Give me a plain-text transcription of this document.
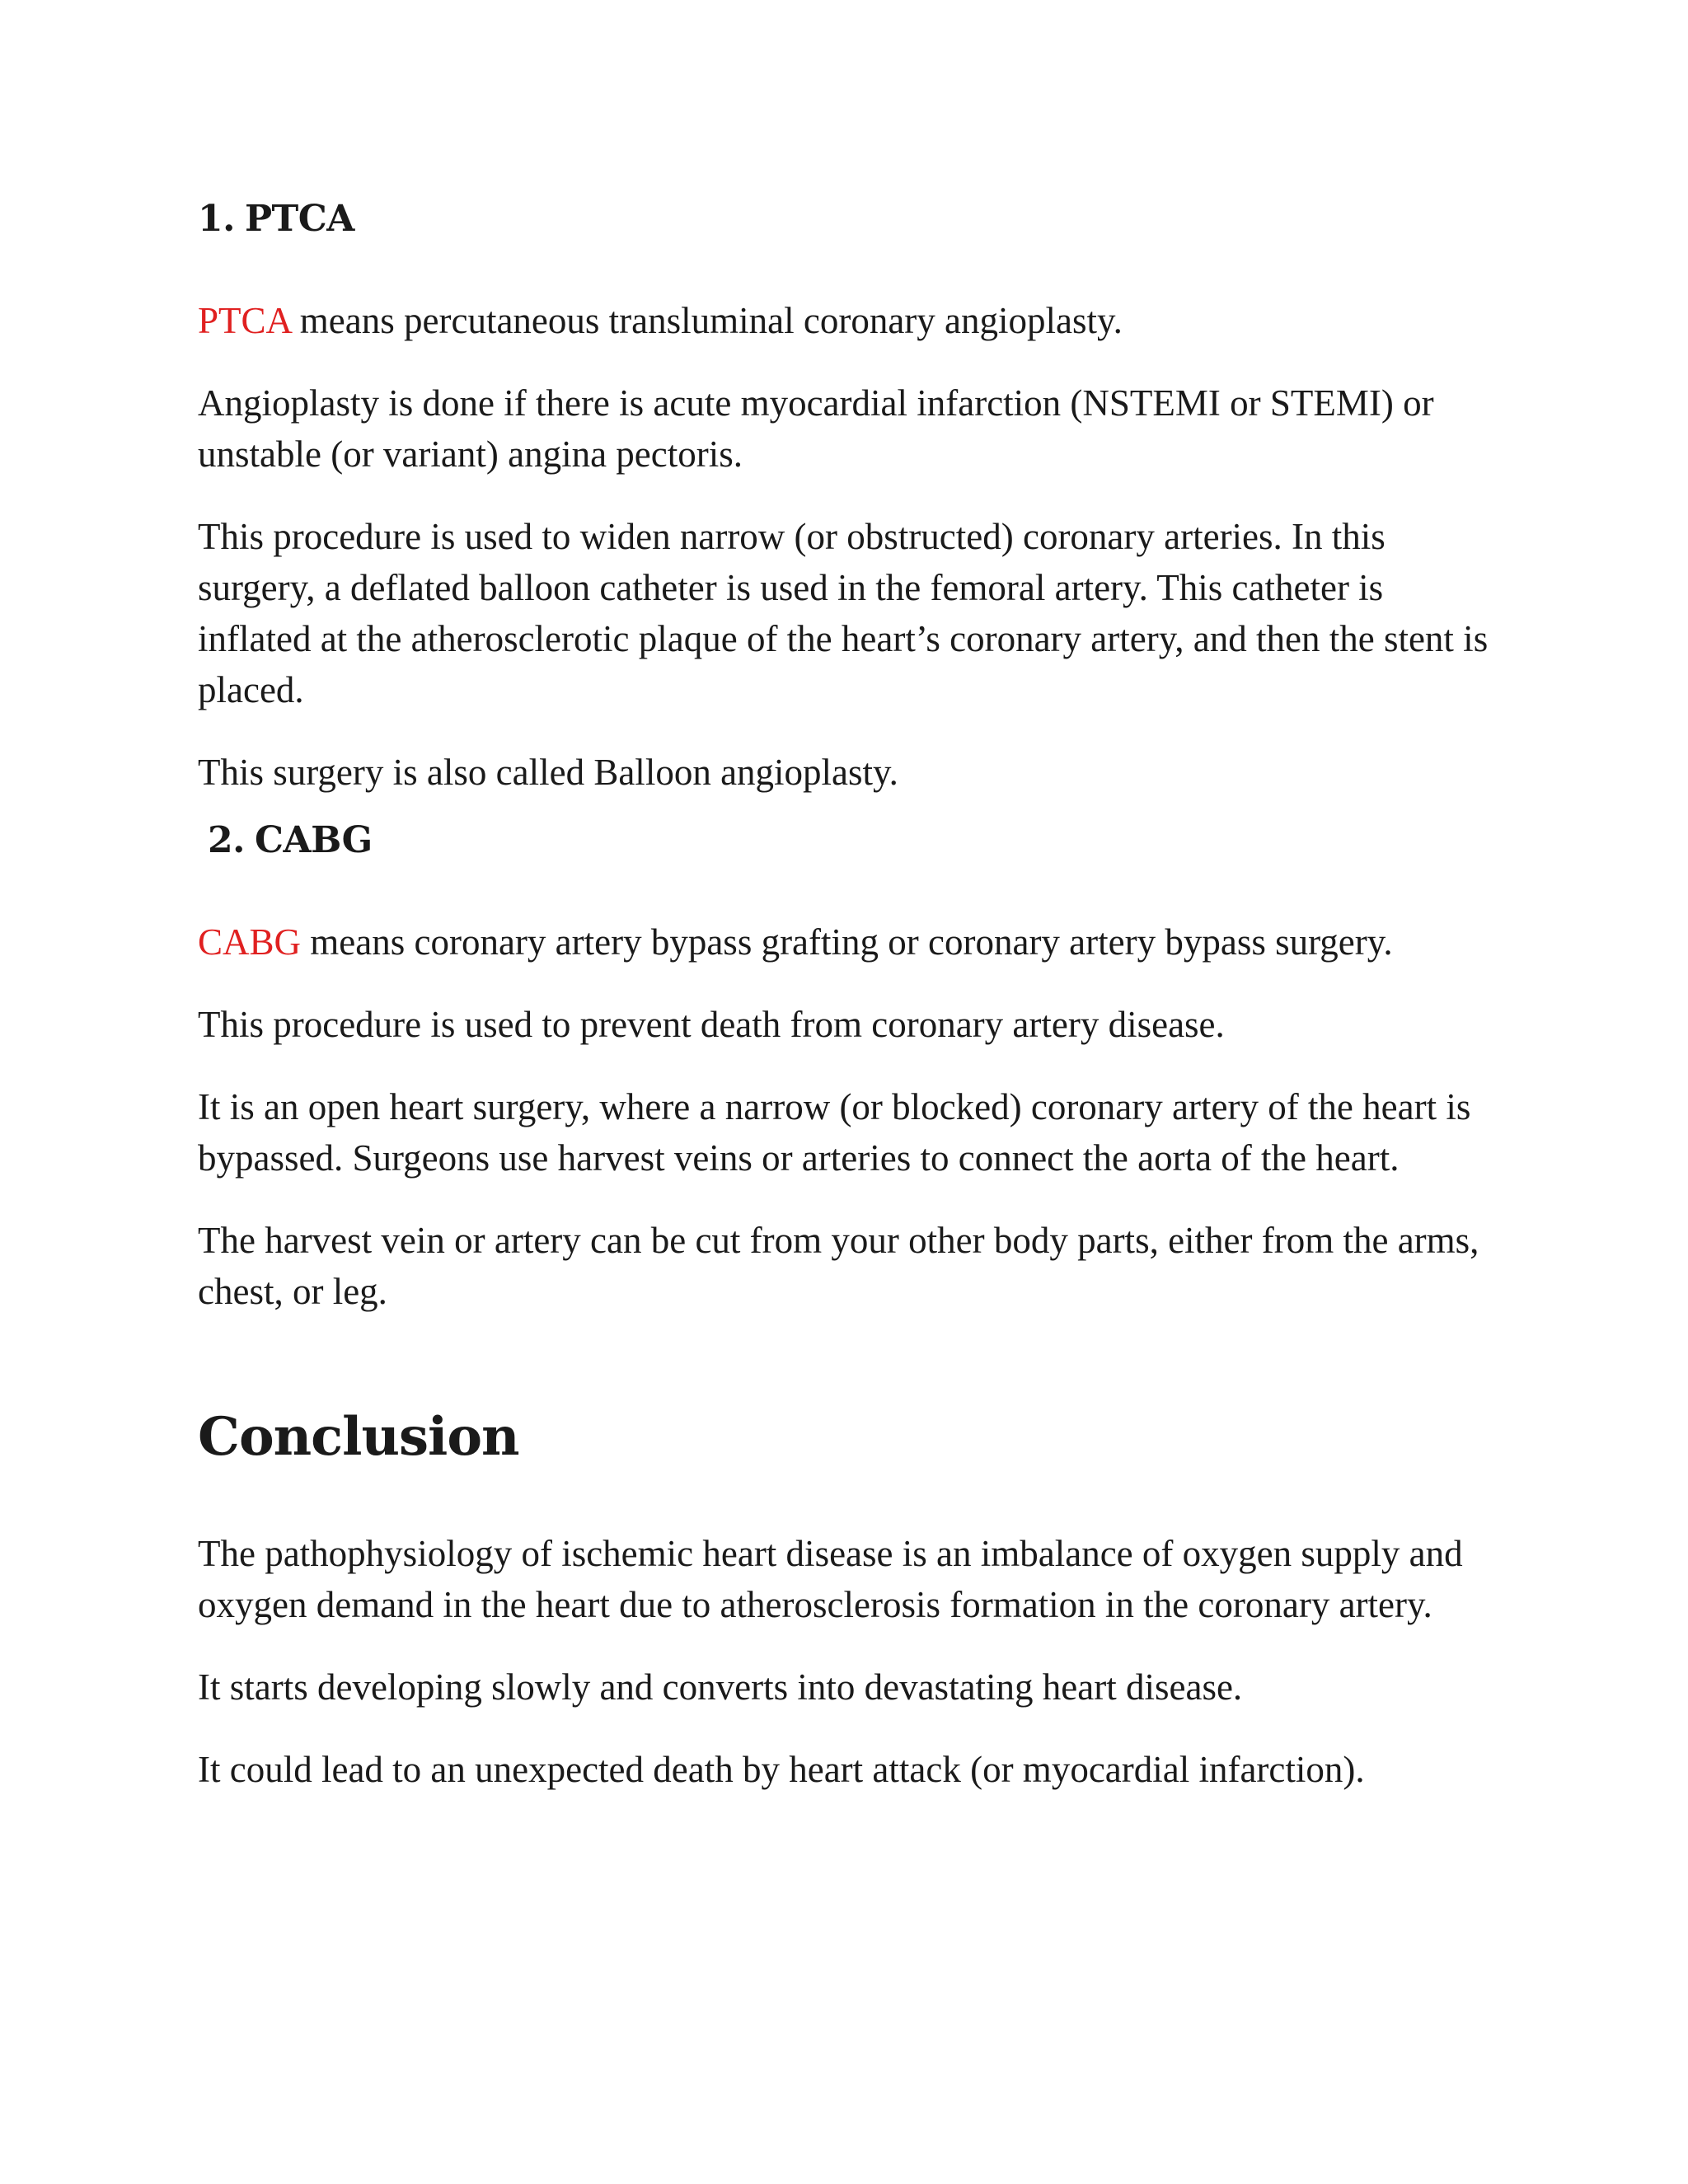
1. PTCA

PTCA means percutaneous transluminal coronary angioplasty.

Angioplasty is done if there is acute myocardial infarction (NSTEMI or STEMI) or unstable (or variant) angina pectoris.

This procedure is used to widen narrow (or obstructed) coronary arteries. In this surgery, a deflated balloon catheter is used in the femoral artery. This catheter is inflated at the atherosclerotic plaque of the heart’s coronary artery, and then the stent is placed.

This surgery is also called Balloon angioplasty.

2. CABG

CABG means coronary artery bypass grafting or coronary artery bypass surgery.

This procedure is used to prevent death from coronary artery disease.

It is an open heart surgery, where a narrow (or blocked) coronary artery of the heart is bypassed. Surgeons use harvest veins or arteries to connect the aorta of the heart.

The harvest vein or artery can be cut from your other body parts, either from the arms, chest, or leg.

Conclusion

The pathophysiology of ischemic heart disease is an imbalance of oxygen supply and oxygen demand in the heart due to atherosclerosis formation in the coronary artery.

It starts developing slowly and converts into devastating heart disease.

It could lead to an unexpected death by heart attack (or myocardial infarction).
